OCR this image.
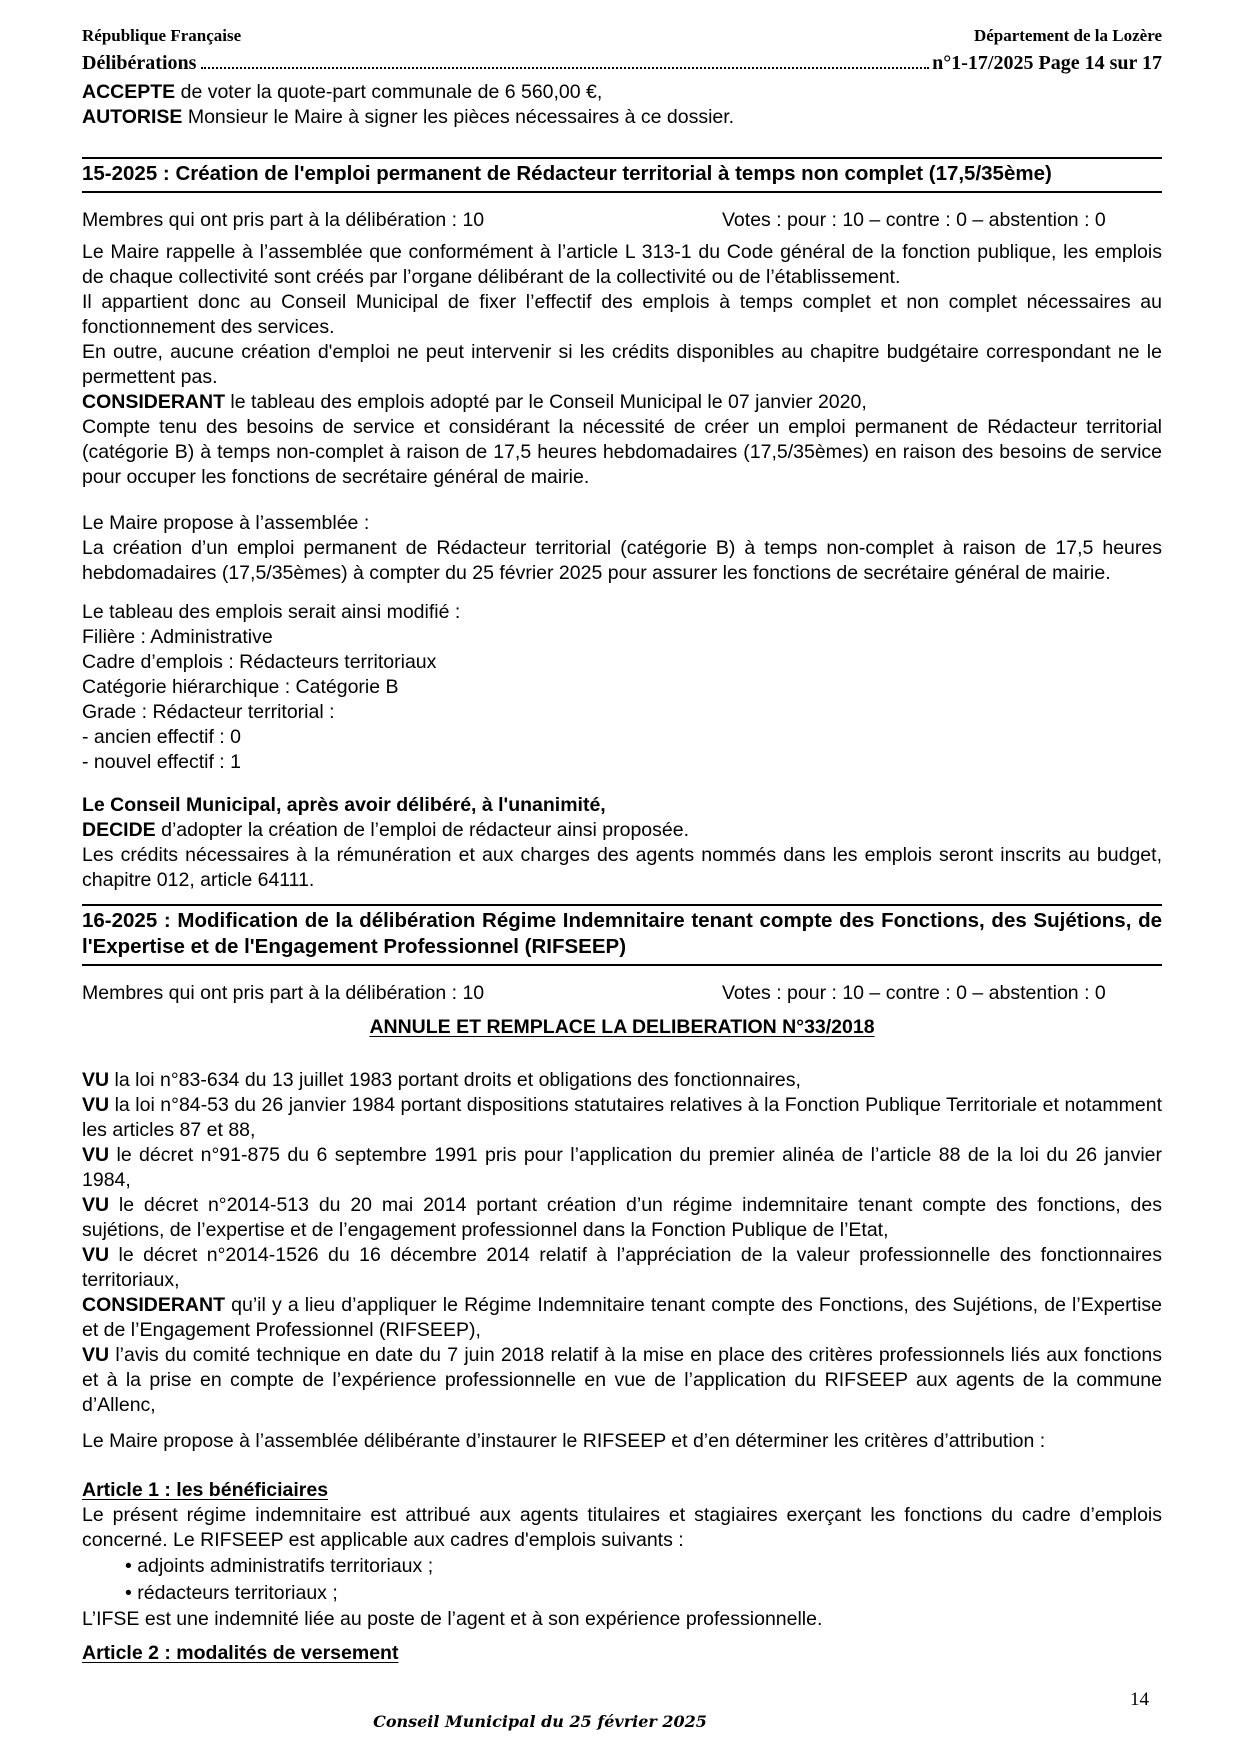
République Française	Département de la Lozère
Délibérations	n°1-17/2025 Page 14 sur 17

ACCEPTE de voter la quote-part communale de 6 560,00 €,

AUTORISE Monsieur le Maire à signer les pièces nécessaires à ce dossier.

15-2025 : Création de l'emploi permanent de Rédacteur territorial à temps non complet (17,5/35ème)
Membres qui ont pris part à la délibération : 10	Votes : pour : 10 – contre : 0 – abstention : 0

Le Maire rappelle à l’assemblée que conformément à l’article L 313-1 du Code général de la fonction publique, les emplois de chaque collectivité sont créés par l’organe délibérant de la collectivité ou de l’établissement.

Il appartient donc au Conseil Municipal de fixer l’effectif des emplois à temps complet et non complet nécessaires au fonctionnement des services.

En outre, aucune création d'emploi ne peut intervenir si les crédits disponibles au chapitre budgétaire correspondant ne le permettent pas.

CONSIDERANT le tableau des emplois adopté par le Conseil Municipal le 07 janvier 2020,

Compte tenu des besoins de service et considérant la nécessité de créer un emploi permanent de Rédacteur territorial (catégorie B) à temps non-complet à raison de 17,5 heures hebdomadaires (17,5/35èmes) en raison des besoins de service pour occuper les fonctions de secrétaire général de mairie.

Le Maire propose à l’assemblée :

La création d’un emploi permanent de Rédacteur territorial (catégorie B) à temps non-complet à raison de 17,5 heures hebdomadaires (17,5/35èmes) à compter du 25 février 2025 pour assurer les fonctions de secrétaire général de mairie.

Le tableau des emplois serait ainsi modifié :

Filière : Administrative

Cadre d’emplois : Rédacteurs territoriaux

Catégorie hiérarchique : Catégorie B

Grade : Rédacteur territorial :

- ancien effectif : 0

- nouvel effectif : 1

Le Conseil Municipal, après avoir délibéré, à l'unanimité,

DECIDE d’adopter la création de l’emploi de rédacteur ainsi proposée.

Les crédits nécessaires à la rémunération et aux charges des agents nommés dans les emplois seront inscrits au budget, chapitre 012, article 64111.

16-2025 : Modification de la délibération Régime Indemnitaire tenant compte des Fonctions, des Sujétions, de l'Expertise et de l'Engagement Professionnel (RIFSEEP)
Membres qui ont pris part à la délibération : 10	Votes : pour : 10 – contre : 0 – abstention : 0
ANNULE ET REMPLACE LA DELIBERATION N°33/2018

VU la loi n°83-634 du 13 juillet 1983 portant droits et obligations des fonctionnaires,

VU la loi n°84-53 du 26 janvier 1984 portant dispositions statutaires relatives à la Fonction Publique Territoriale et notamment les articles 87 et 88,

VU le décret n°91-875 du 6 septembre 1991 pris pour l’application du premier alinéa de l’article 88 de la loi du 26 janvier 1984,

VU le décret n°2014-513 du 20 mai 2014 portant création d’un régime indemnitaire tenant compte des fonctions, des sujétions, de l’expertise et de l’engagement professionnel dans la Fonction Publique de l’Etat,

VU le décret n°2014-1526 du 16 décembre 2014 relatif à l’appréciation de la valeur professionnelle des fonctionnaires territoriaux,

CONSIDERANT qu’il y a lieu d’appliquer le Régime Indemnitaire tenant compte des Fonctions, des Sujétions, de l’Expertise et de l’Engagement Professionnel (RIFSEEP),

VU l’avis du comité technique en date du 7 juin 2018 relatif à la mise en place des critères professionnels liés aux fonctions et à la prise en compte de l’expérience professionnelle en vue de l’application du RIFSEEP aux agents de la commune d’Allenc,

Le Maire propose à l’assemblée délibérante d’instaurer le RIFSEEP et d’en déterminer les critères d’attribution :

Article 1 : les bénéficiaires

Le présent régime indemnitaire est attribué aux agents titulaires et stagiaires exerçant les fonctions du cadre d’emplois concerné. Le RIFSEEP est applicable aux cadres d'emplois suivants :

• adjoints administratifs territoriaux ;

• rédacteurs territoriaux ;

L’IFSE est une indemnité liée au poste de l’agent et à son expérience professionnelle.

Article 2 : modalités de versement

14
Conseil Municipal du 25 février 2025
